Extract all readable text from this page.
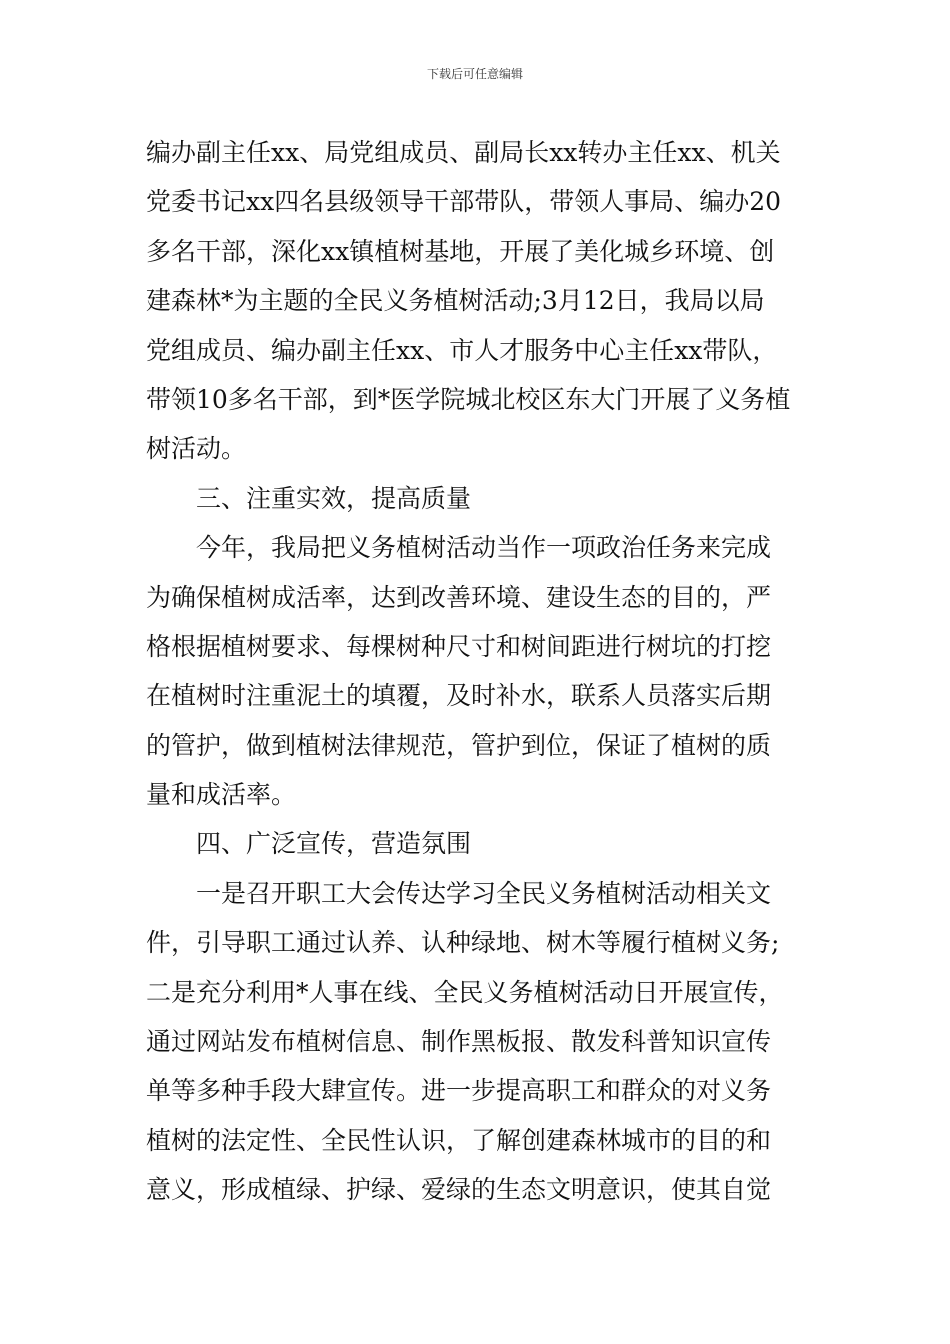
下载后可任意编辑
编办副主任xx、局党组成员、副局长xx转办主任xx、机关
党委书记xx四名县级领导干部带队，带领人事局、编办20
多名干部，深化xx镇植树基地，开展了美化城乡环境、创
建森林*为主题的全民义务植树活动;3月12日，我局以局
党组成员、编办副主任xx、市人才服务中心主任xx带队，
带领10多名干部，到*医学院城北校区东大门开展了义务植
树活动。
三、注重实效，提高质量
今年，我局把义务植树活动当作一项政治任务来完成
为确保植树成活率，达到改善环境、建设生态的目的，严
格根据植树要求、每棵树种尺寸和树间距进行树坑的打挖
在植树时注重泥土的填覆，及时补水，联系人员落实后期
的管护，做到植树法律规范，管护到位，保证了植树的质
量和成活率。
四、广泛宣传，营造氛围
一是召开职工大会传达学习全民义务植树活动相关文
件，引导职工通过认养、认种绿地、树木等履行植树义务;
二是充分利用*人事在线、全民义务植树活动日开展宣传，
通过网站发布植树信息、制作黑板报、散发科普知识宣传
单等多种手段大肆宣传。进一步提高职工和群众的对义务
植树的法定性、全民性认识，了解创建森林城市的目的和
意义，形成植绿、护绿、爱绿的生态文明意识，使其自觉
